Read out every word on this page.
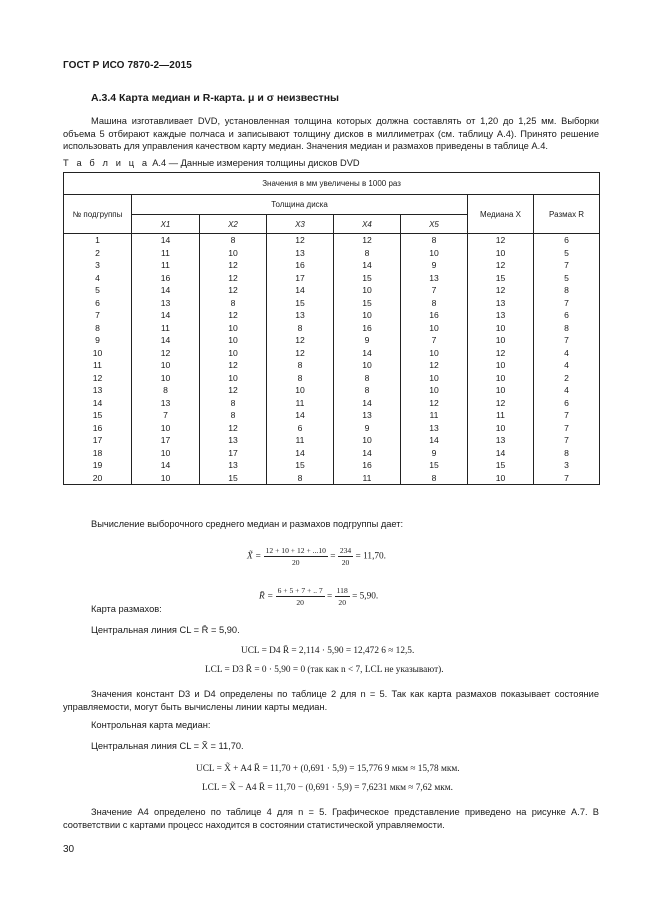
ГОСТ Р ИСО 7870-2—2015
А.3.4 Карта медиан и R-карта. μ и σ неизвестны
Машина изготавливает DVD, установленная толщина которых должна составлять от 1,20 до 1,25 мм. Выборки объема 5 отбирают каждые полчаса и записывают толщину дисков в миллиметрах (см. таблицу А.4). Принято решение использовать для управления качеством карту медиан. Значения медиан и размахов приведены в таблице А.4.
Т а б л и ц а А.4 — Данные измерения толщины дисков DVD
Значения в мм увеличены в 1000 раз							
№ подгруппы	Толщина диска					Медиана X	Размах R
	X1	X2	X3	X4	X5		
1	14	8	12	12	8	12	6
2	11	10	13	8	10	10	5
3	11	12	16	14	9	12	7
4	16	12	17	15	13	15	5
5	14	12	14	10	7	12	8
6	13	8	15	15	8	13	7
7	14	12	13	10	16	13	6
8	11	10	8	16	10	10	8
9	14	10	12	9	7	10	7
10	12	10	12	14	10	12	4
11	10	12	8	10	12	10	4
12	10	10	8	8	10	10	2
13	8	12	10	8	10	10	4
14	13	8	11	14	12	12	6
15	7	8	14	13	11	11	7
16	10	12	6	9	13	10	7
17	17	13	11	10	14	13	7
18	10	17	14	14	9	14	8
19	14	13	15	16	15	15	3
20	10	15	8	11	8	10	7
Вычисление выборочного среднего медиан и размахов подгруппы дает:
X̃ = $\frac{12 + 10 + 12 + ...10}{20} = \frac{234}{20} = 11,70$.
R̄ = $\frac{6 + 5 + 7 + .. 7}{20} = \frac{118}{20} = 5,90$.
Карта размахов:
Центральная линия CL = R̄ = 5,90.
UCL = D4 R̄ = 2,114 · 5,90 = 12,472 6 ≈ 12,5.
LCL = D3 R̄ = 0 · 5,90 = 0 (так как n < 7, LCL не указывают).
Значения констант D3 и D4 определены по таблице 2 для n = 5. Так как карта размахов показывает состояние управляемости, могут быть вычислены линии карты медиан.
Контрольная карта медиан:
Центральная линия CL = X̃ = 11,70.
UCL = X̃ + A4 R̄ = 11,70 + (0,691 · 5,9) = 15,776 9 мкм ≈ 15,78 мкм.
LCL = X̃ − A4 R̄ = 11,70 − (0,691 · 5,9) = 7,6231 мкм ≈ 7,62 мкм.
Значение A4 определено по таблице 4 для n = 5. Графическое представление приведено на рисунке А.7. В соответствии с картами процесс находится в состоянии статистической управляемости.
30
